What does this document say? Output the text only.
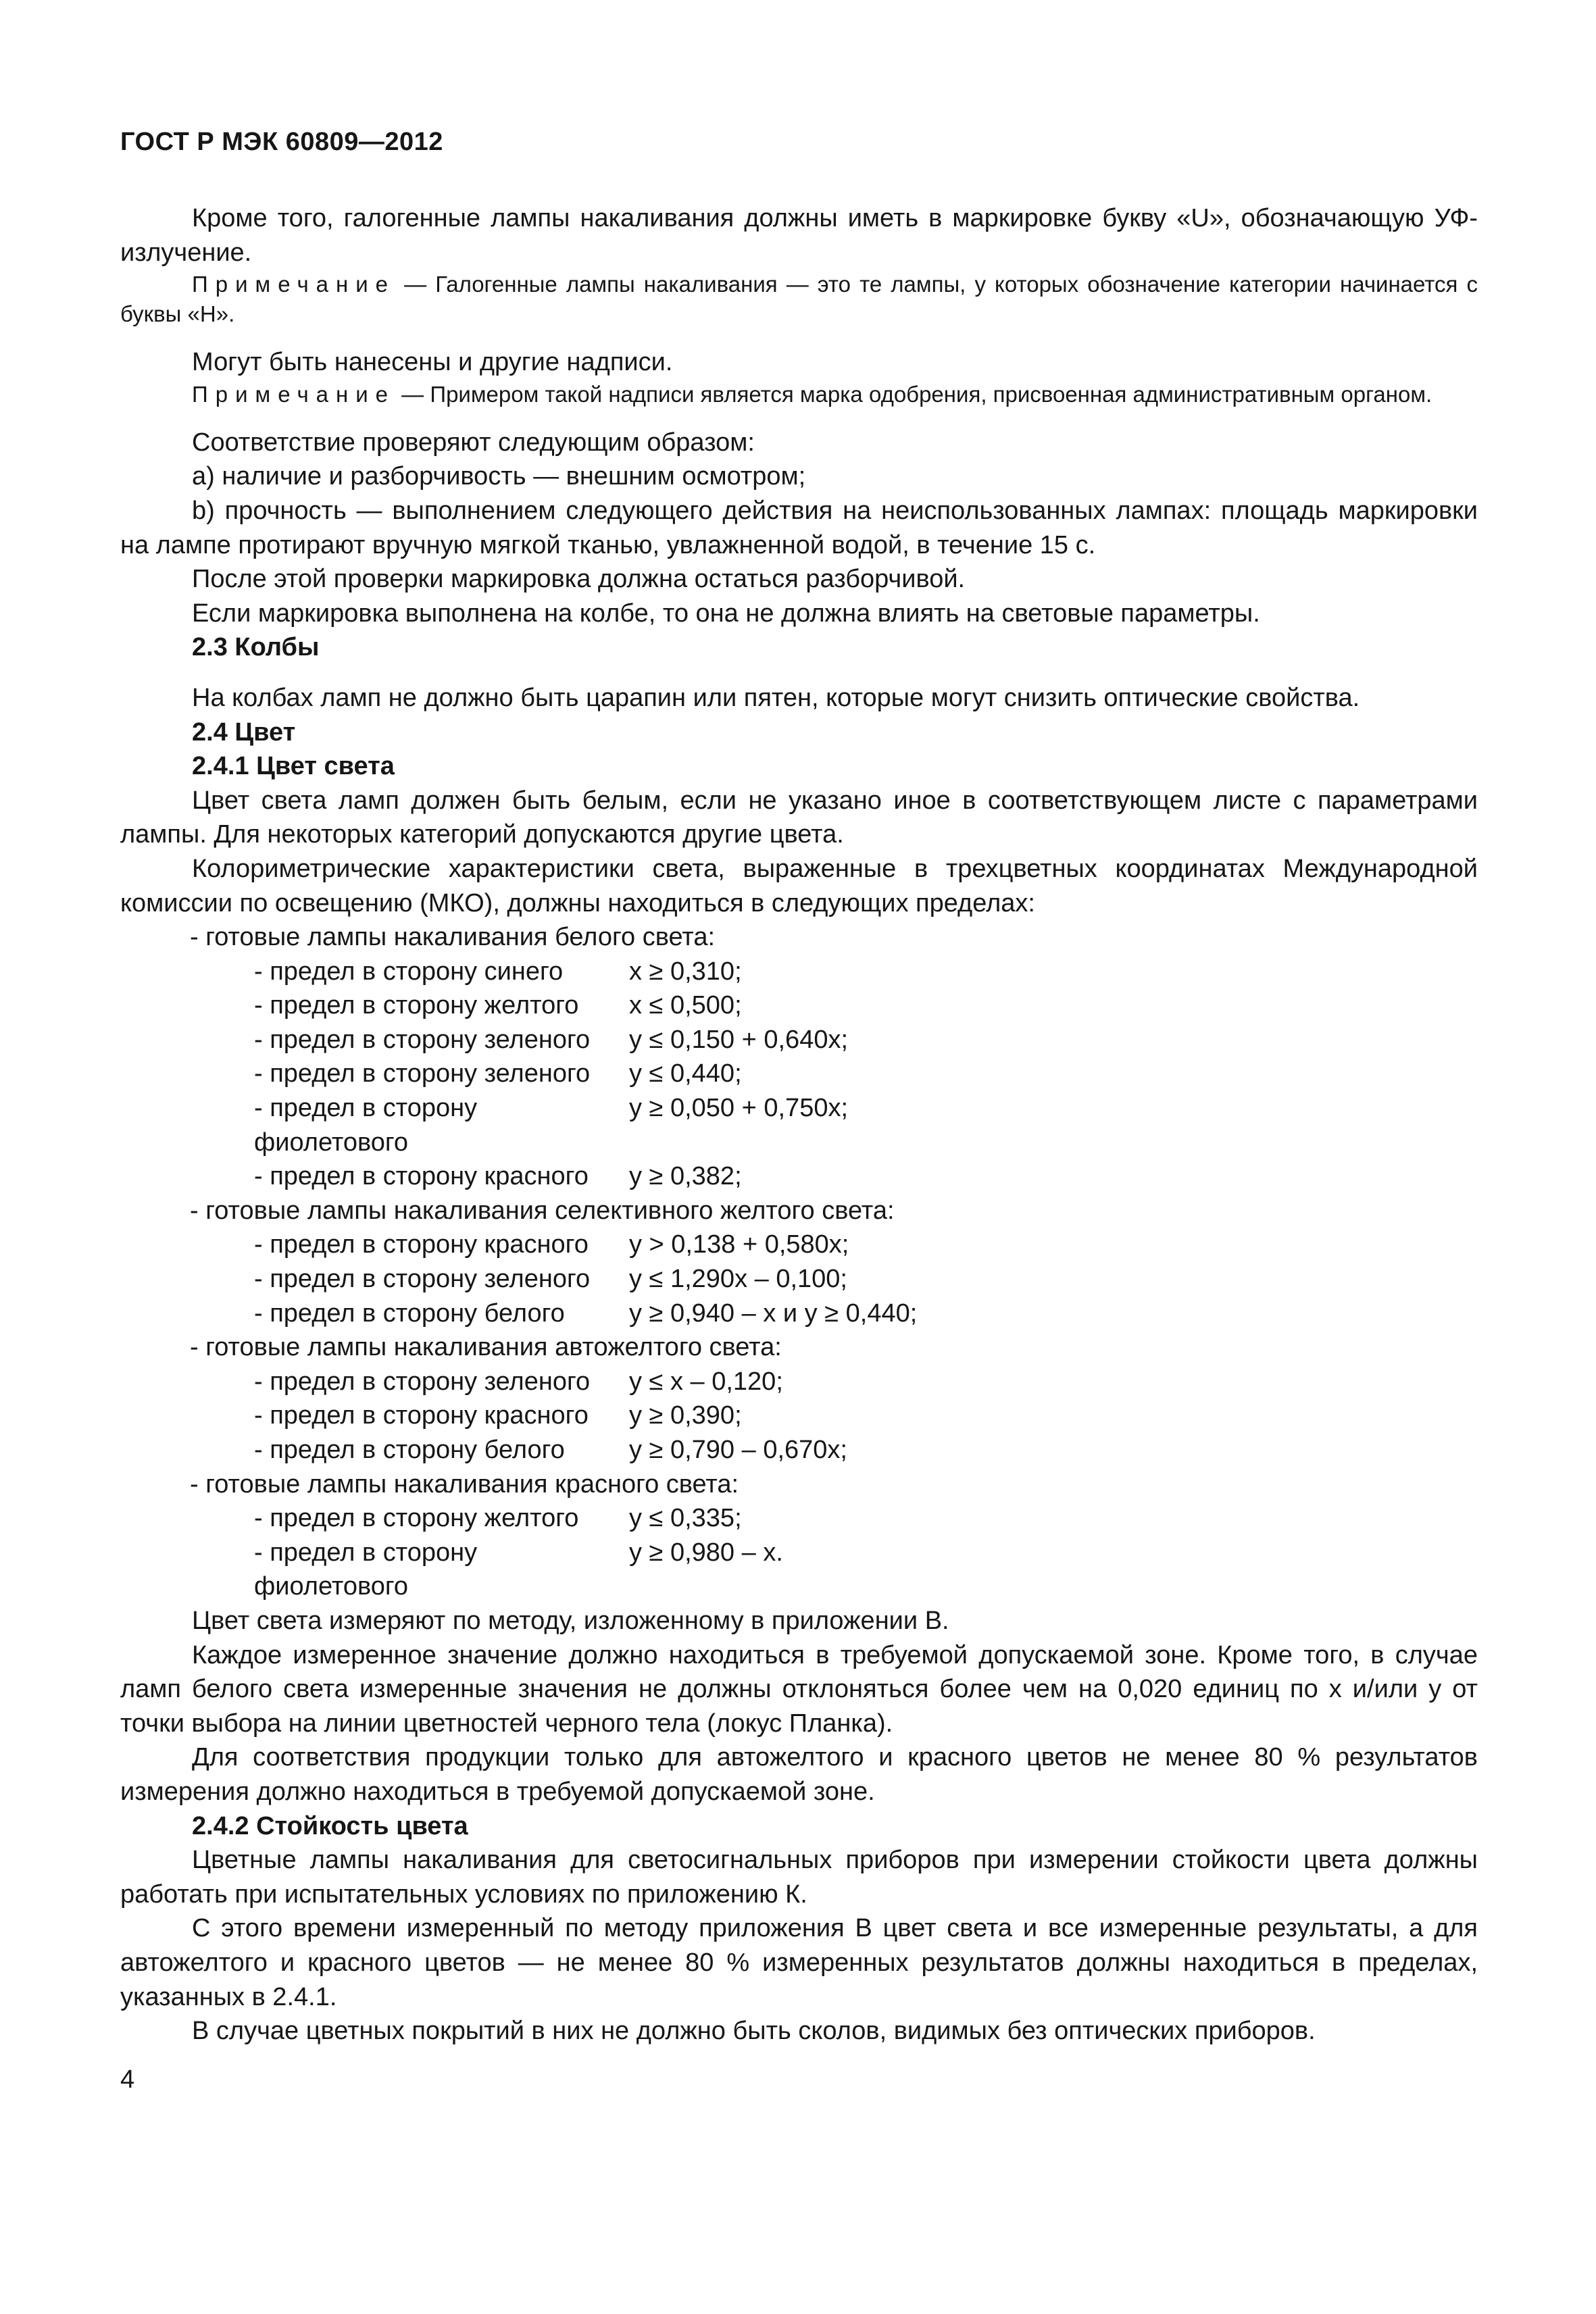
ГОСТ Р МЭК 60809—2012

Кроме того, галогенные лампы накаливания должны иметь в маркировке букву «U», обозначающую УФ-излучение.

Примечание — Галогенные лампы накаливания — это те лампы, у которых обозначение категории начинается с буквы «Н».

Могут быть нанесены и другие надписи.

Примечание — Примером такой надписи является марка одобрения, присвоенная административным органом.

Соответствие проверяют следующим образом:

а) наличие и разборчивость — внешним осмотром;

b) прочность — выполнением следующего действия на неиспользованных лампах: площадь маркировки на лампе протирают вручную мягкой тканью, увлажненной водой, в течение 15 с.

После этой проверки маркировка должна остаться разборчивой.

Если маркировка выполнена на колбе, то она не должна влиять на световые параметры.

2.3 Колбы

На колбах ламп не должно быть царапин или пятен, которые могут снизить оптические свойства.

2.4 Цвет

2.4.1 Цвет света

Цвет света ламп должен быть белым, если не указано иное в соответствующем листе с параметрами лампы. Для некоторых категорий допускаются другие цвета.

Колориметрические характеристики света, выраженные в трехцветных координатах Международной комиссии по освещению (МКО), должны находиться в следующих пределах:

- готовые лампы накаливания белого света:

- предел в сторону синего	x ≥ 0,310;
- предел в сторону желтого	x ≤ 0,500;
- предел в сторону зеленого	y ≤ 0,150 + 0,640x;
- предел в сторону зеленого	y ≤ 0,440;
- предел в сторону фиолетового
y ≥ 0,050 + 0,750x;
- предел в сторону красного	y ≥ 0,382;

- готовые лампы накаливания селективного желтого света:

- предел в сторону красного	y > 0,138 + 0,580x;
- предел в сторону зеленого	y ≤ 1,290x – 0,100;
- предел в сторону белого	y ≥ 0,940 – x и y ≥ 0,440;

- готовые лампы накаливания автожелтого света:

- предел в сторону зеленого	y ≤ x – 0,120;
- предел в сторону красного	y ≥ 0,390;
- предел в сторону белого	y ≥ 0,790 – 0,670x;

- готовые лампы накаливания красного света:

- предел в сторону желтого	y ≤ 0,335;
- предел в сторону фиолетового
y ≥ 0,980 – x.

Цвет света измеряют по методу, изложенному в приложении В.

Каждое измеренное значение должно находиться в требуемой допускаемой зоне. Кроме того, в случае ламп белого света измеренные значения не должны отклоняться более чем на 0,020 единиц по x и/или у от точки выбора на линии цветностей черного тела (локус Планка).

Для соответствия продукции только для автожелтого и красного цветов не менее 80 % результатов измерения должно находиться в требуемой допускаемой зоне.

2.4.2 Стойкость цвета

Цветные лампы накаливания для светосигнальных приборов при измерении стойкости цвета должны работать при испытательных условиях по приложению К.

С этого времени измеренный по методу приложения В цвет света и все измеренные результаты, а для автожелтого и красного цветов — не менее 80 % измеренных результатов должны находиться в пределах, указанных в 2.4.1.

В случае цветных покрытий в них не должно быть сколов, видимых без оптических приборов.

4
